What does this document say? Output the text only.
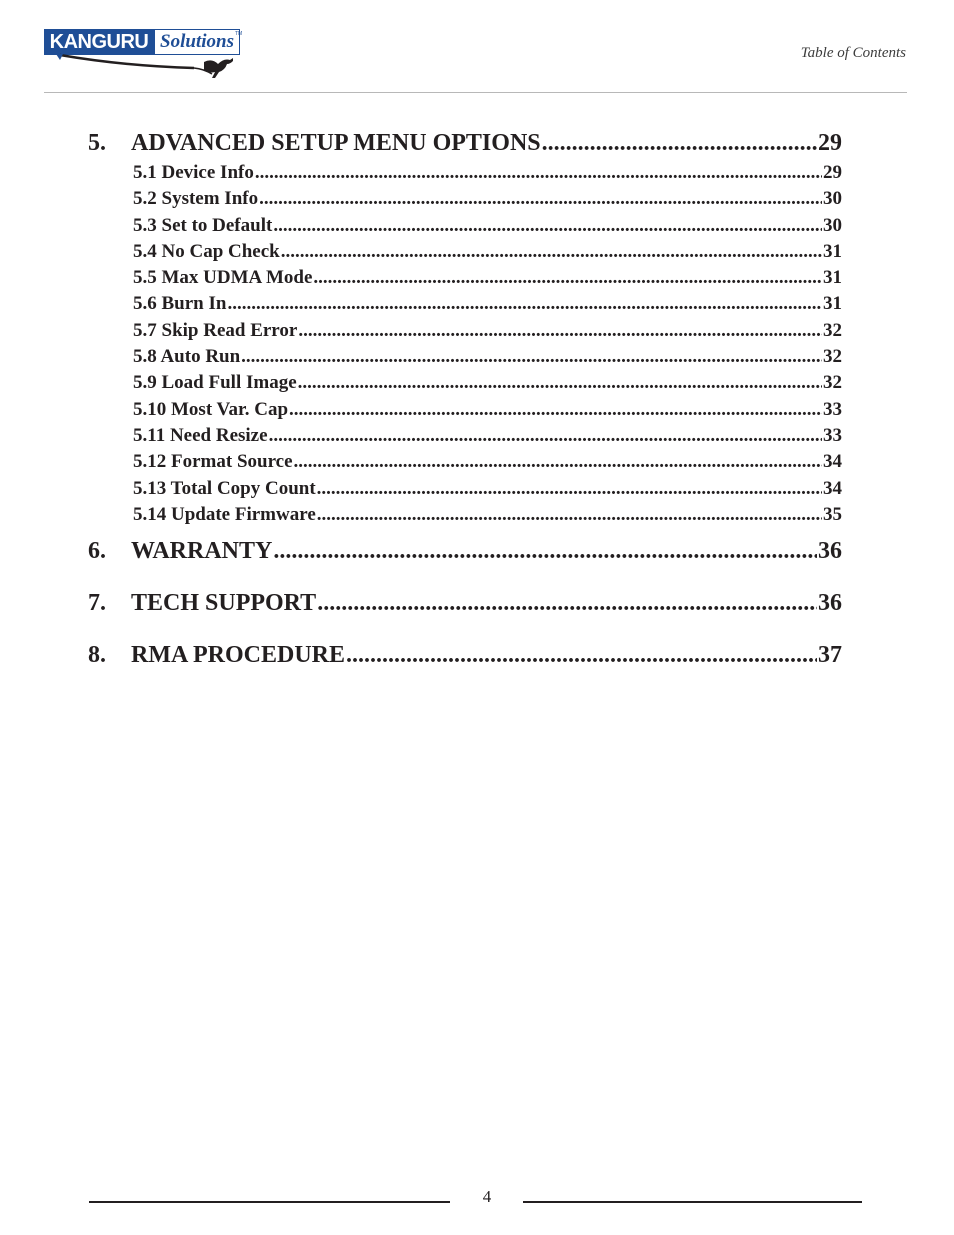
KANGURU Solutions TM
Table of Contents
5.	ADVANCED SETUP MENU OPTIONS .....	29
5.1 Device Info .....	29
5.2 System Info .....	30
5.3 Set to Default .....	30
5.4 No Cap Check .....	31
5.5 Max UDMA Mode .....	31
5.6 Burn In .....	31
5.7 Skip Read Error .....	32
5.8 Auto Run .....	32
5.9 Load Full Image .....	32
5.10 Most Var. Cap .....	33
5.11 Need Resize .....	33
5.12 Format Source .....	34
5.13 Total Copy Count .....	34
5.14 Update Firmware .....	35
6.	WARRANTY .....	36
7.	TECH SUPPORT .....	36
8.	RMA PROCEDURE .....	37
4
